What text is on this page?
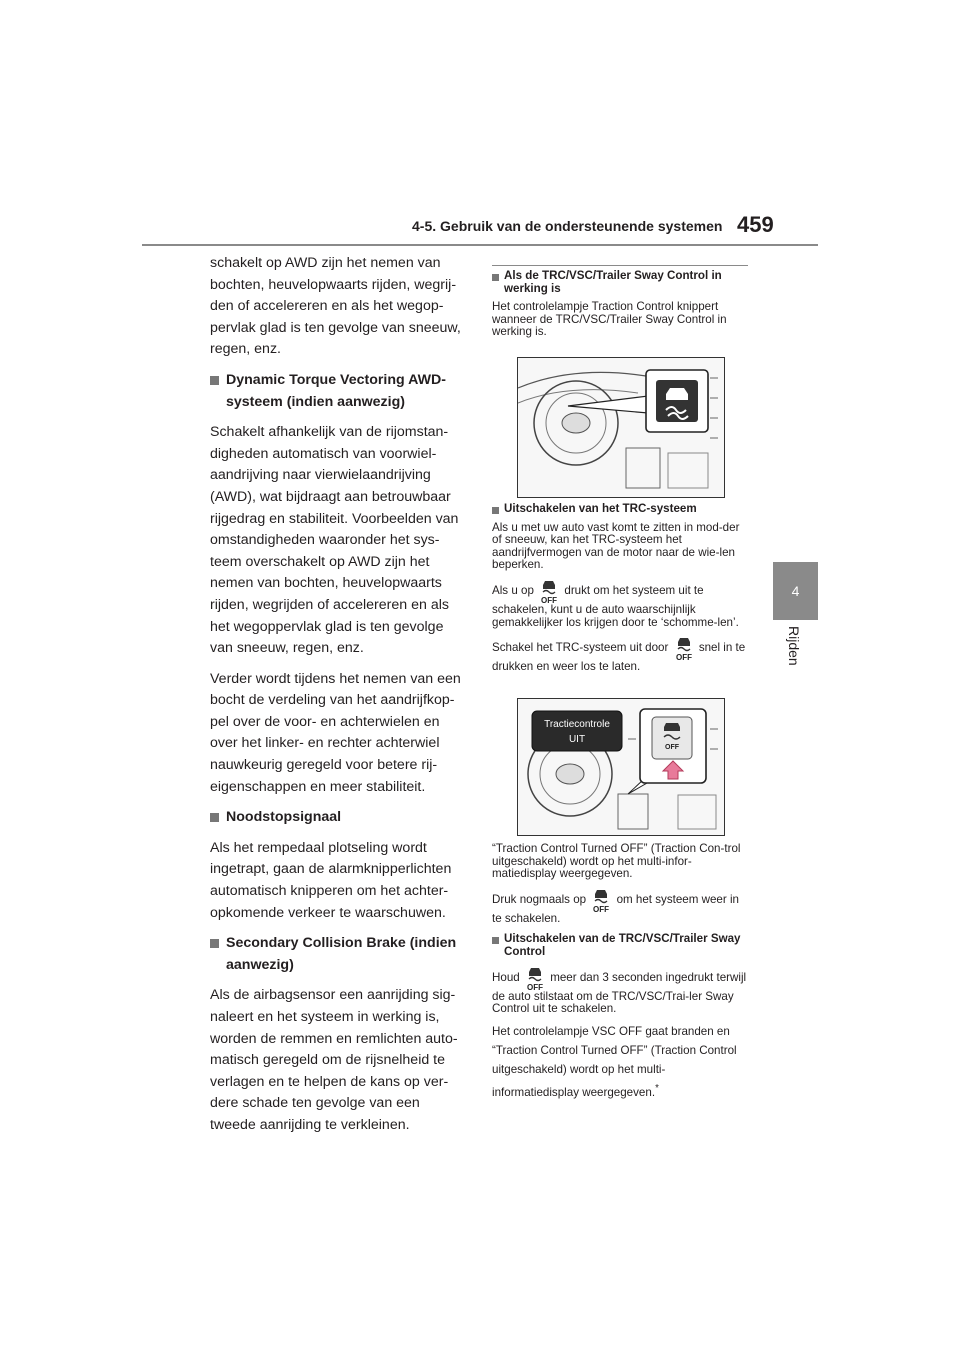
4-5. Gebruik van de ondersteunende systemen 459
4
Rijden

schakelt op AWD zijn het nemen van bochten, heuvelopwaarts rijden, wegrij-den of accelereren en als het wegop-pervlak glad is ten gevolge van sneeuw, regen, enz.

Dynamic Torque Vectoring AWD-systeem (indien aanwezig)

Schakelt afhankelijk van de rijomstan-digheden automatisch van voorwiel-aandrijving naar vierwielaandrijving (AWD), wat bijdraagt aan betrouwbaar rijgedrag en stabiliteit. Voorbeelden van omstandigheden waaronder het sys-teem overschakelt op AWD zijn het nemen van bochten, heuvelopwaarts rijden, wegrijden of accelereren en als het wegoppervlak glad is ten gevolge van sneeuw, regen, enz.

Verder wordt tijdens het nemen van een bocht de verdeling van het aandrijfkop-pel over de voor- en achterwielen en over het linker- en rechter achterwiel nauwkeurig geregeld voor betere rij-eigenschappen en meer stabiliteit.

Noodstopsignaal

Als het rempedaal plotseling wordt ingetrapt, gaan de alarmknipperlichten automatisch knipperen om het achter-opkomende verkeer te waarschuwen.

Secondary Collision Brake (indien aanwezig)

Als de airbagsensor een aanrijding sig-naleert en het systeem in werking is, worden de remmen en remlichten auto-matisch geregeld om de rijsnelheid te verlagen en te helpen de kans op ver-dere schade ten gevolge van een tweede aanrijding te verkleinen.

Als de TRC/VSC/Trailer Sway Control in werking is

Het controlelampje Traction Control knippert wanneer de TRC/VSC/Trailer Sway Control in werking is.

Uitschakelen van het TRC-systeem

Als u met uw auto vast komt te zitten in mod-der of sneeuw, kan het TRC-systeem het aandrijfvermogen van de motor naar de wie-len beperken.

Als u op
OFF
drukt om het systeem uit te schakelen, kunt u de auto waarschijnlijk gemakkelijker los krijgen door te ‘schomme-len’.

Schakel het TRC-systeem uit door
OFF
snel in te drukken en weer los te laten.

Tractiecontrole
UIT
OFF

“Traction Control Turned OFF” (Traction Con-trol uitgeschakeld) wordt op het multi-infor-matiedisplay weergegeven.

Druk nogmaals op
OFF
om het systeem weer in te schakelen.

Uitschakelen van de TRC/VSC/Trailer Sway Control

Houd
OFF
meer dan 3 seconden ingedrukt terwijl de auto stilstaat om de TRC/VSC/Trai-ler Sway Control uit te schakelen.

Het controlelampje VSC OFF gaat branden en “Traction Control Turned OFF” (Traction Control uitgeschakeld) wordt op het multi-informatiedisplay weergegeven.*
